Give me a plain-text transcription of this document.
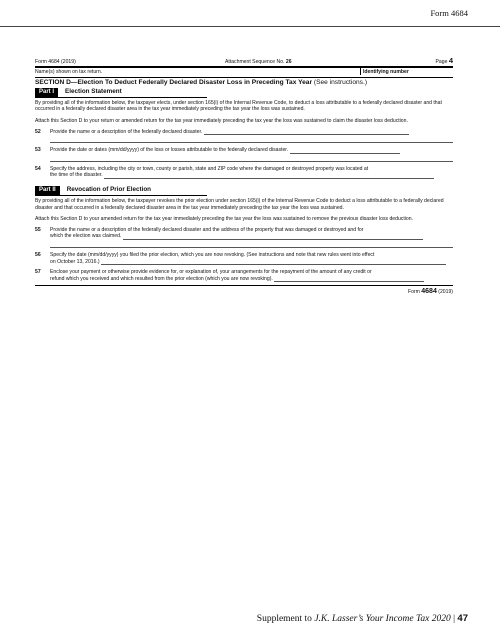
Form 4684
Form 4684 (2019)	Attachment Sequence No. 26	Page 4
Name(s) shown on tax return.	Identifying number
SECTION D—Election To Deduct Federally Declared Disaster Loss in Preceding Tax Year (See instructions.)
Part I	Election Statement

By providing all of the information below, the taxpayer elects, under section 165(i) of the Internal Revenue Code, to deduct a loss attributable to a federally declared disaster and that occurred in a federally declared disaster area in the tax year immediately preceding the tax year the loss was sustained.

Attach this Section D to your return or amended return for the tax year immediately preceding the tax year the loss was sustained to claim the disaster loss deduction.

52	Provide the name or a description of the federally declared disaster.
53	Provide the date or dates (mm/dd/yyyy) of the loss or losses attributable to the federally declared disaster.
54	Specify the address, including the city or town, county or parish, state and ZIP code where the damaged or destroyed property was located at
the time of the disaster.
Part II	Revocation of Prior Election

By providing all of the information below, the taxpayer revokes the prior election under section 165(i) of the Internal Revenue Code to deduct a loss attributable to a federally declared disaster and that occurred in a federally declared disaster area in the tax year immediately preceding the tax year the loss was sustained.

Attach this Section D to your amended return for the tax year immediately preceding the tax year the loss was sustained to remove the previous disaster loss deduction.

55	Provide the name or a description of the federally declared disaster and the address of the property that was damaged or destroyed and for
which the election was claimed.
56	Specify the date (mm/dd/yyyy) you filed the prior election, which you are now revoking. (See instructions and note that new rules went into effect
on October 13, 2016.)
57	Enclose your payment or otherwise provide evidence for, or explanation of, your arrangements for the repayment of the amount of any credit or
refund which you received and which resulted from the prior election (which you are now revoking).
Form 4684 (2019)
Supplement to J.K. Lasser’s Your Income Tax 2020 | 47
